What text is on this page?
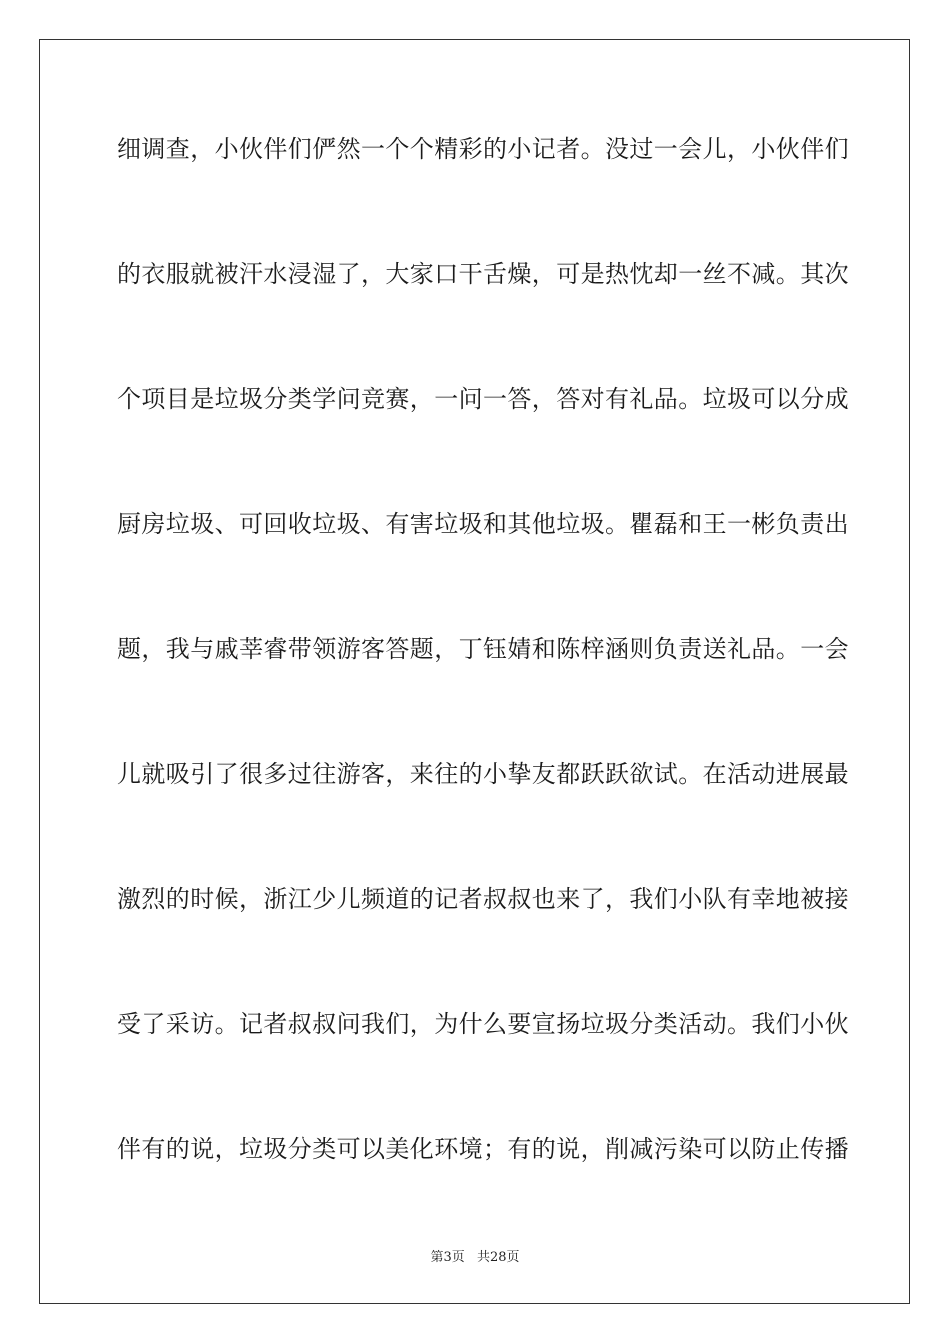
细调查，小伙伴们俨然一个个精彩的小记者。没过一会儿，小伙伴们
的衣服就被汗水浸湿了，大家口干舌燥，可是热忱却一丝不减。其次
个项目是垃圾分类学问竞赛，一问一答，答对有礼品。垃圾可以分成
厨房垃圾、可回收垃圾、有害垃圾和其他垃圾。瞿磊和王一彬负责出
题，我与戚莘睿带领游客答题，丁钰婧和陈梓涵则负责送礼品。一会
儿就吸引了很多过往游客，来往的小挚友都跃跃欲试。在活动进展最
激烈的时候，浙江少儿频道的记者叔叔也来了，我们小队有幸地被接
受了采访。记者叔叔问我们，为什么要宣扬垃圾分类活动。我们小伙
伴有的说，垃圾分类可以美化环境；有的说，削减污染可以防止传播
第3页 共28页
